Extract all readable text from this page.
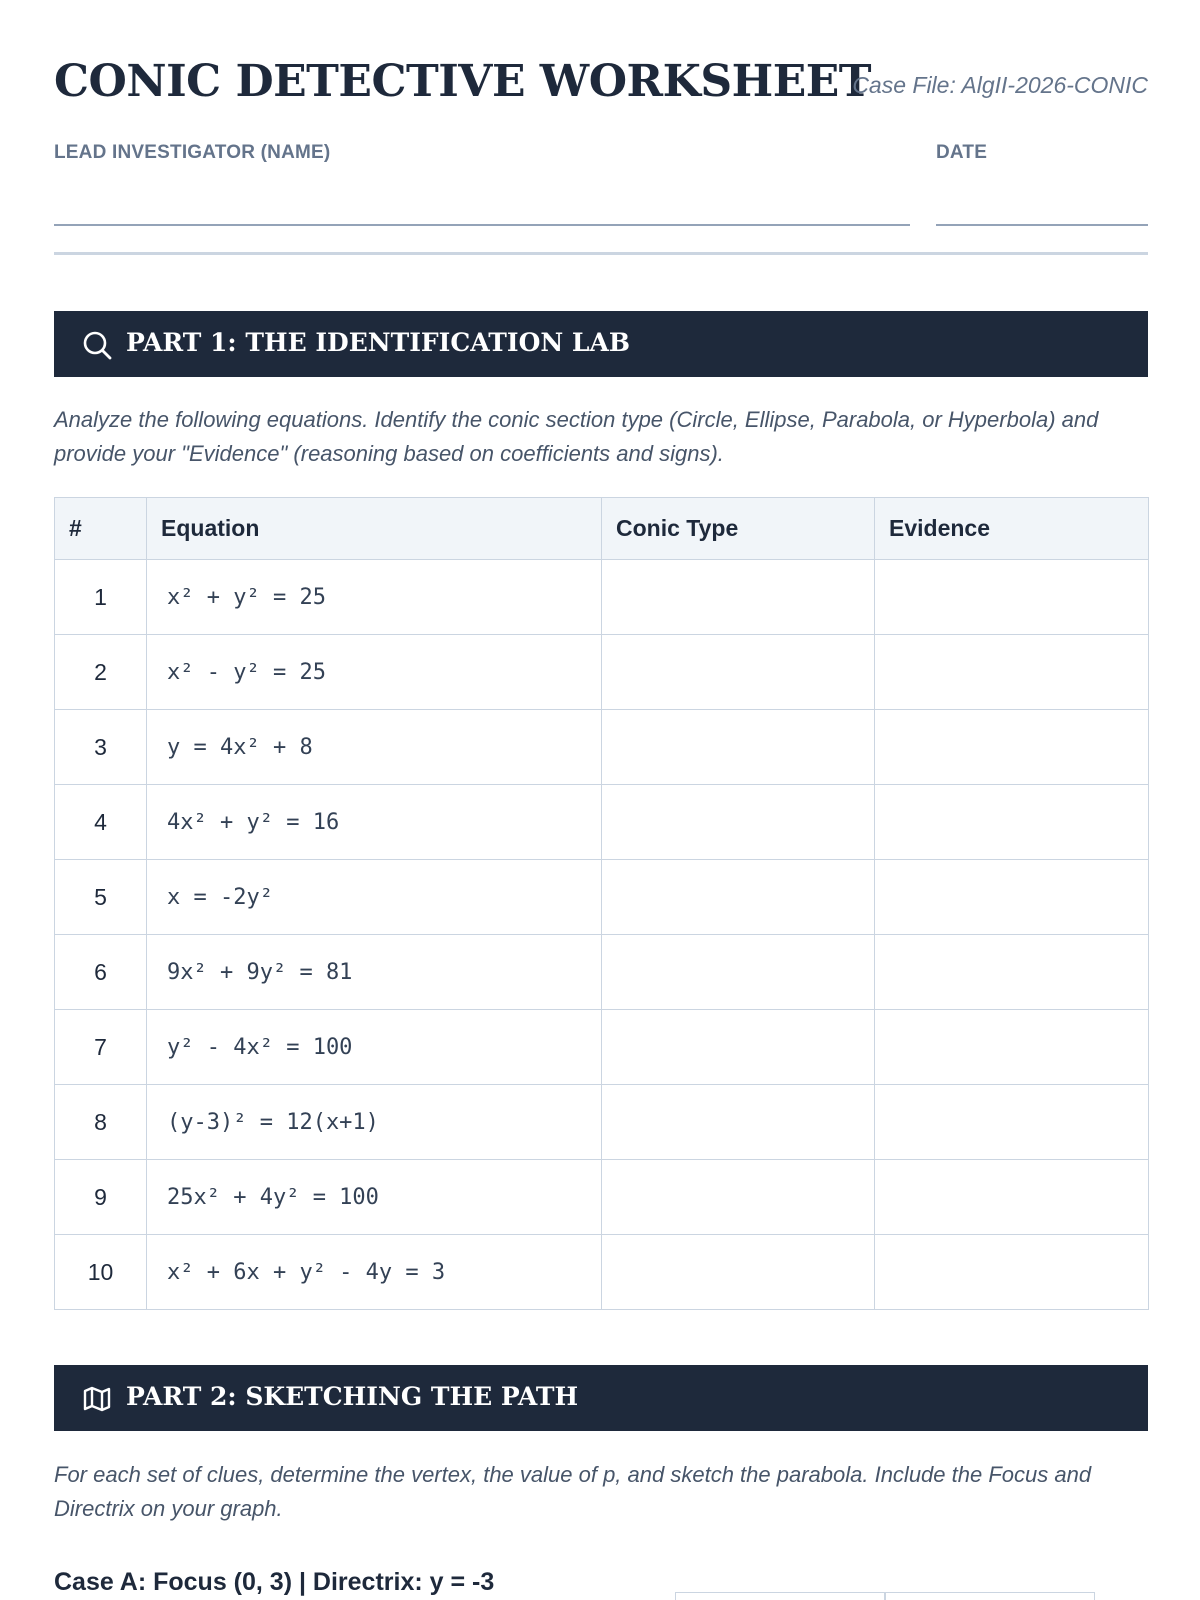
CONIC DETECTIVE WORKSHEET
Case File: AlgII-2026-CONIC
LEAD INVESTIGATOR (NAME)	DATE
PART 1: THE IDENTIFICATION LAB
Analyze the following equations. Identify the conic section type (Circle, Ellipse, Parabola, or Hyperbola) and provide your "Evidence" (reasoning based on coefficients and signs).
#	Equation	Conic Type	Evidence
1	x² + y² = 25		
2	x² - y² = 25		
3	y = 4x² + 8		
4	4x² + y² = 16		
5	x = -2y²		
6	9x² + 9y² = 81		
7	y² - 4x² = 100		
8	(y-3)² = 12(x+1)		
9	25x² + 4y² = 100		
10	x² + 6x + y² - 4y = 3		
PART 2: SKETCHING THE PATH
For each set of clues, determine the vertex, the value of p, and sketch the parabola. Include the Focus and Directrix on your graph.
Case A: Focus (0, 3) | Directrix: y = -3
